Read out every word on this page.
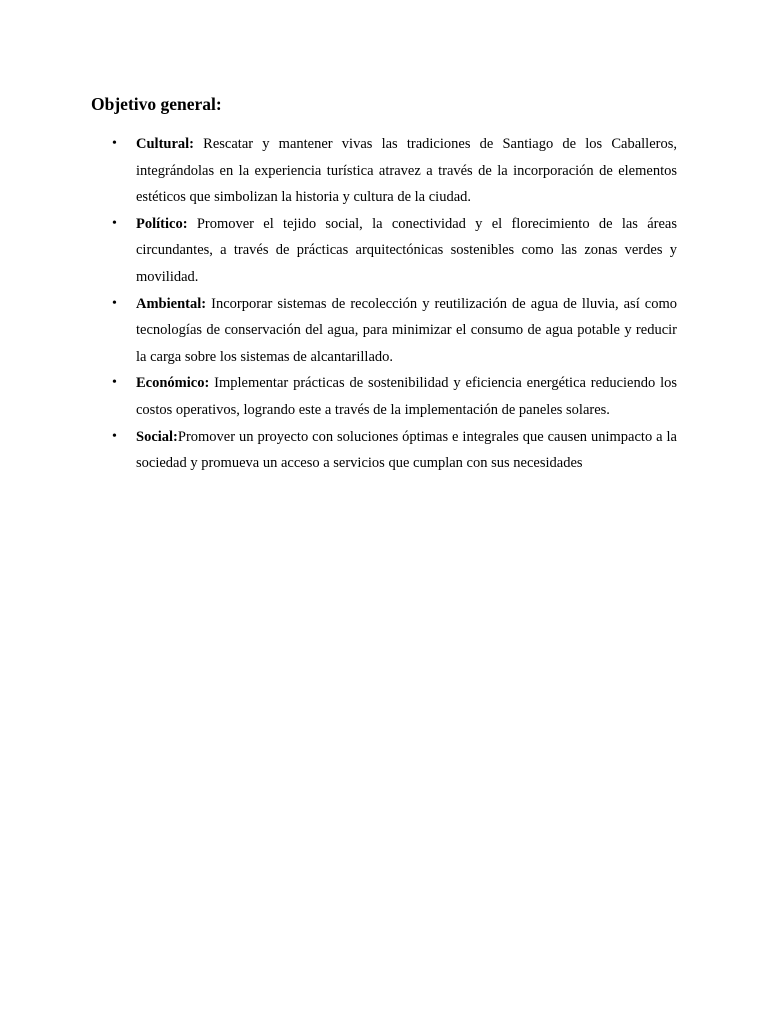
Objetivo general:
•	Cultural: Rescatar y mantener vivas las tradiciones de Santiago de los Caballeros, integrándolas en la experiencia turística atravez a través de la incorporación de elementos estéticos que simbolizan la historia y cultura de la ciudad.
•	Político: Promover el tejido social, la conectividad y el florecimiento de las áreas circundantes, a través de prácticas arquitectónicas sostenibles como las zonas verdes y movilidad.
•	Ambiental: Incorporar sistemas de recolección y reutilización de agua de lluvia, así como tecnologías de conservación del agua, para minimizar el consumo de agua potable y reducir la carga sobre los sistemas de alcantarillado.
•	Económico: Implementar prácticas de sostenibilidad y eficiencia energética reduciendo los costos operativos, logrando este a través de la implementación de paneles solares.
•	Social:Promover un proyecto con soluciones óptimas e integrales que causen unimpacto a la sociedad y promueva un acceso a servicios que cumplan con sus necesidades
